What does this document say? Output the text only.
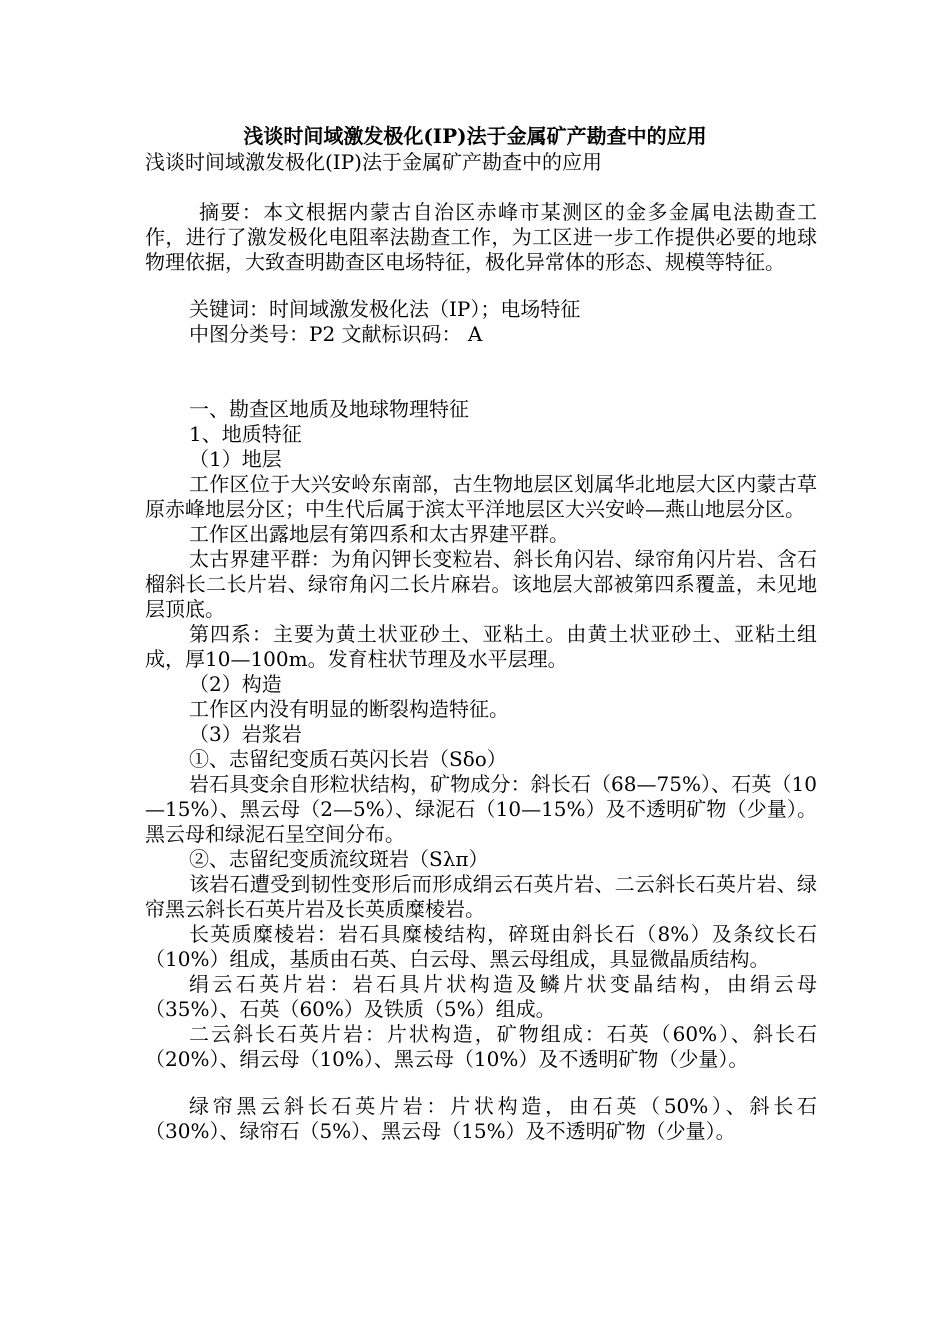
浅谈时间域激发极化(IP)法于金属矿产勘查中的应用
浅谈时间域激发极化(IP)法于金属矿产勘查中的应用

摘要：本文根据内蒙古自治区赤峰市某测区的金多金属电法勘查工作，进行了激发极化电阻率法勘查工作，为工区进一步工作提供必要的地球物理依据，大致查明勘查区电场特征，极化异常体的形态、规模等特征。

关键词：时间域激发极化法（IP）；电场特征

中图分类号：P2 文献标识码： A

一、勘查区地质及地球物理特征

1、地质特征

（1）地层

工作区位于大兴安岭东南部，古生物地层区划属华北地层大区内蒙古草原赤峰地层分区；中生代后属于滨太平洋地层区大兴安岭—燕山地层分区。

工作区出露地层有第四系和太古界建平群。

太古界建平群：为角闪钾长变粒岩、斜长角闪岩、绿帘角闪片岩、含石榴斜长二长片岩、绿帘角闪二长片麻岩。该地层大部被第四系覆盖，未见地层顶底。

第四系：主要为黄土状亚砂土、亚粘土。由黄土状亚砂土、亚粘土组成，厚10—100m。发育柱状节理及水平层理。

（2）构造

工作区内没有明显的断裂构造特征。

（3）岩浆岩

①、志留纪变质石英闪长岩（Sδo）

岩石具变余自形粒状结构，矿物成分：斜长石（68—75%）、石英（10—15%）、黑云母（2—5%）、绿泥石（10—15%）及不透明矿物（少量）。黑云母和绿泥石呈空间分布。

②、志留纪变质流纹斑岩（Sλπ）

该岩石遭受到韧性变形后而形成绢云石英片岩、二云斜长石英片岩、绿帘黑云斜长石英片岩及长英质糜棱岩。

长英质糜棱岩：岩石具糜棱结构，碎斑由斜长石（8%）及条纹长石（10%）组成，基质由石英、白云母、黑云母组成，具显微晶质结构。

绢云石英片岩：岩石具片状构造及鳞片状变晶结构，由绢云母（35%）、石英（60%）及铁质（5%）组成。

二云斜长石英片岩：片状构造，矿物组成：石英（60%）、斜长石（20%）、绢云母（10%）、黑云母（10%）及不透明矿物（少量）。

绿帘黑云斜长石英片岩：片状构造，由石英（50%）、斜长石（30%）、绿帘石（5%）、黑云母（15%）及不透明矿物（少量）。
